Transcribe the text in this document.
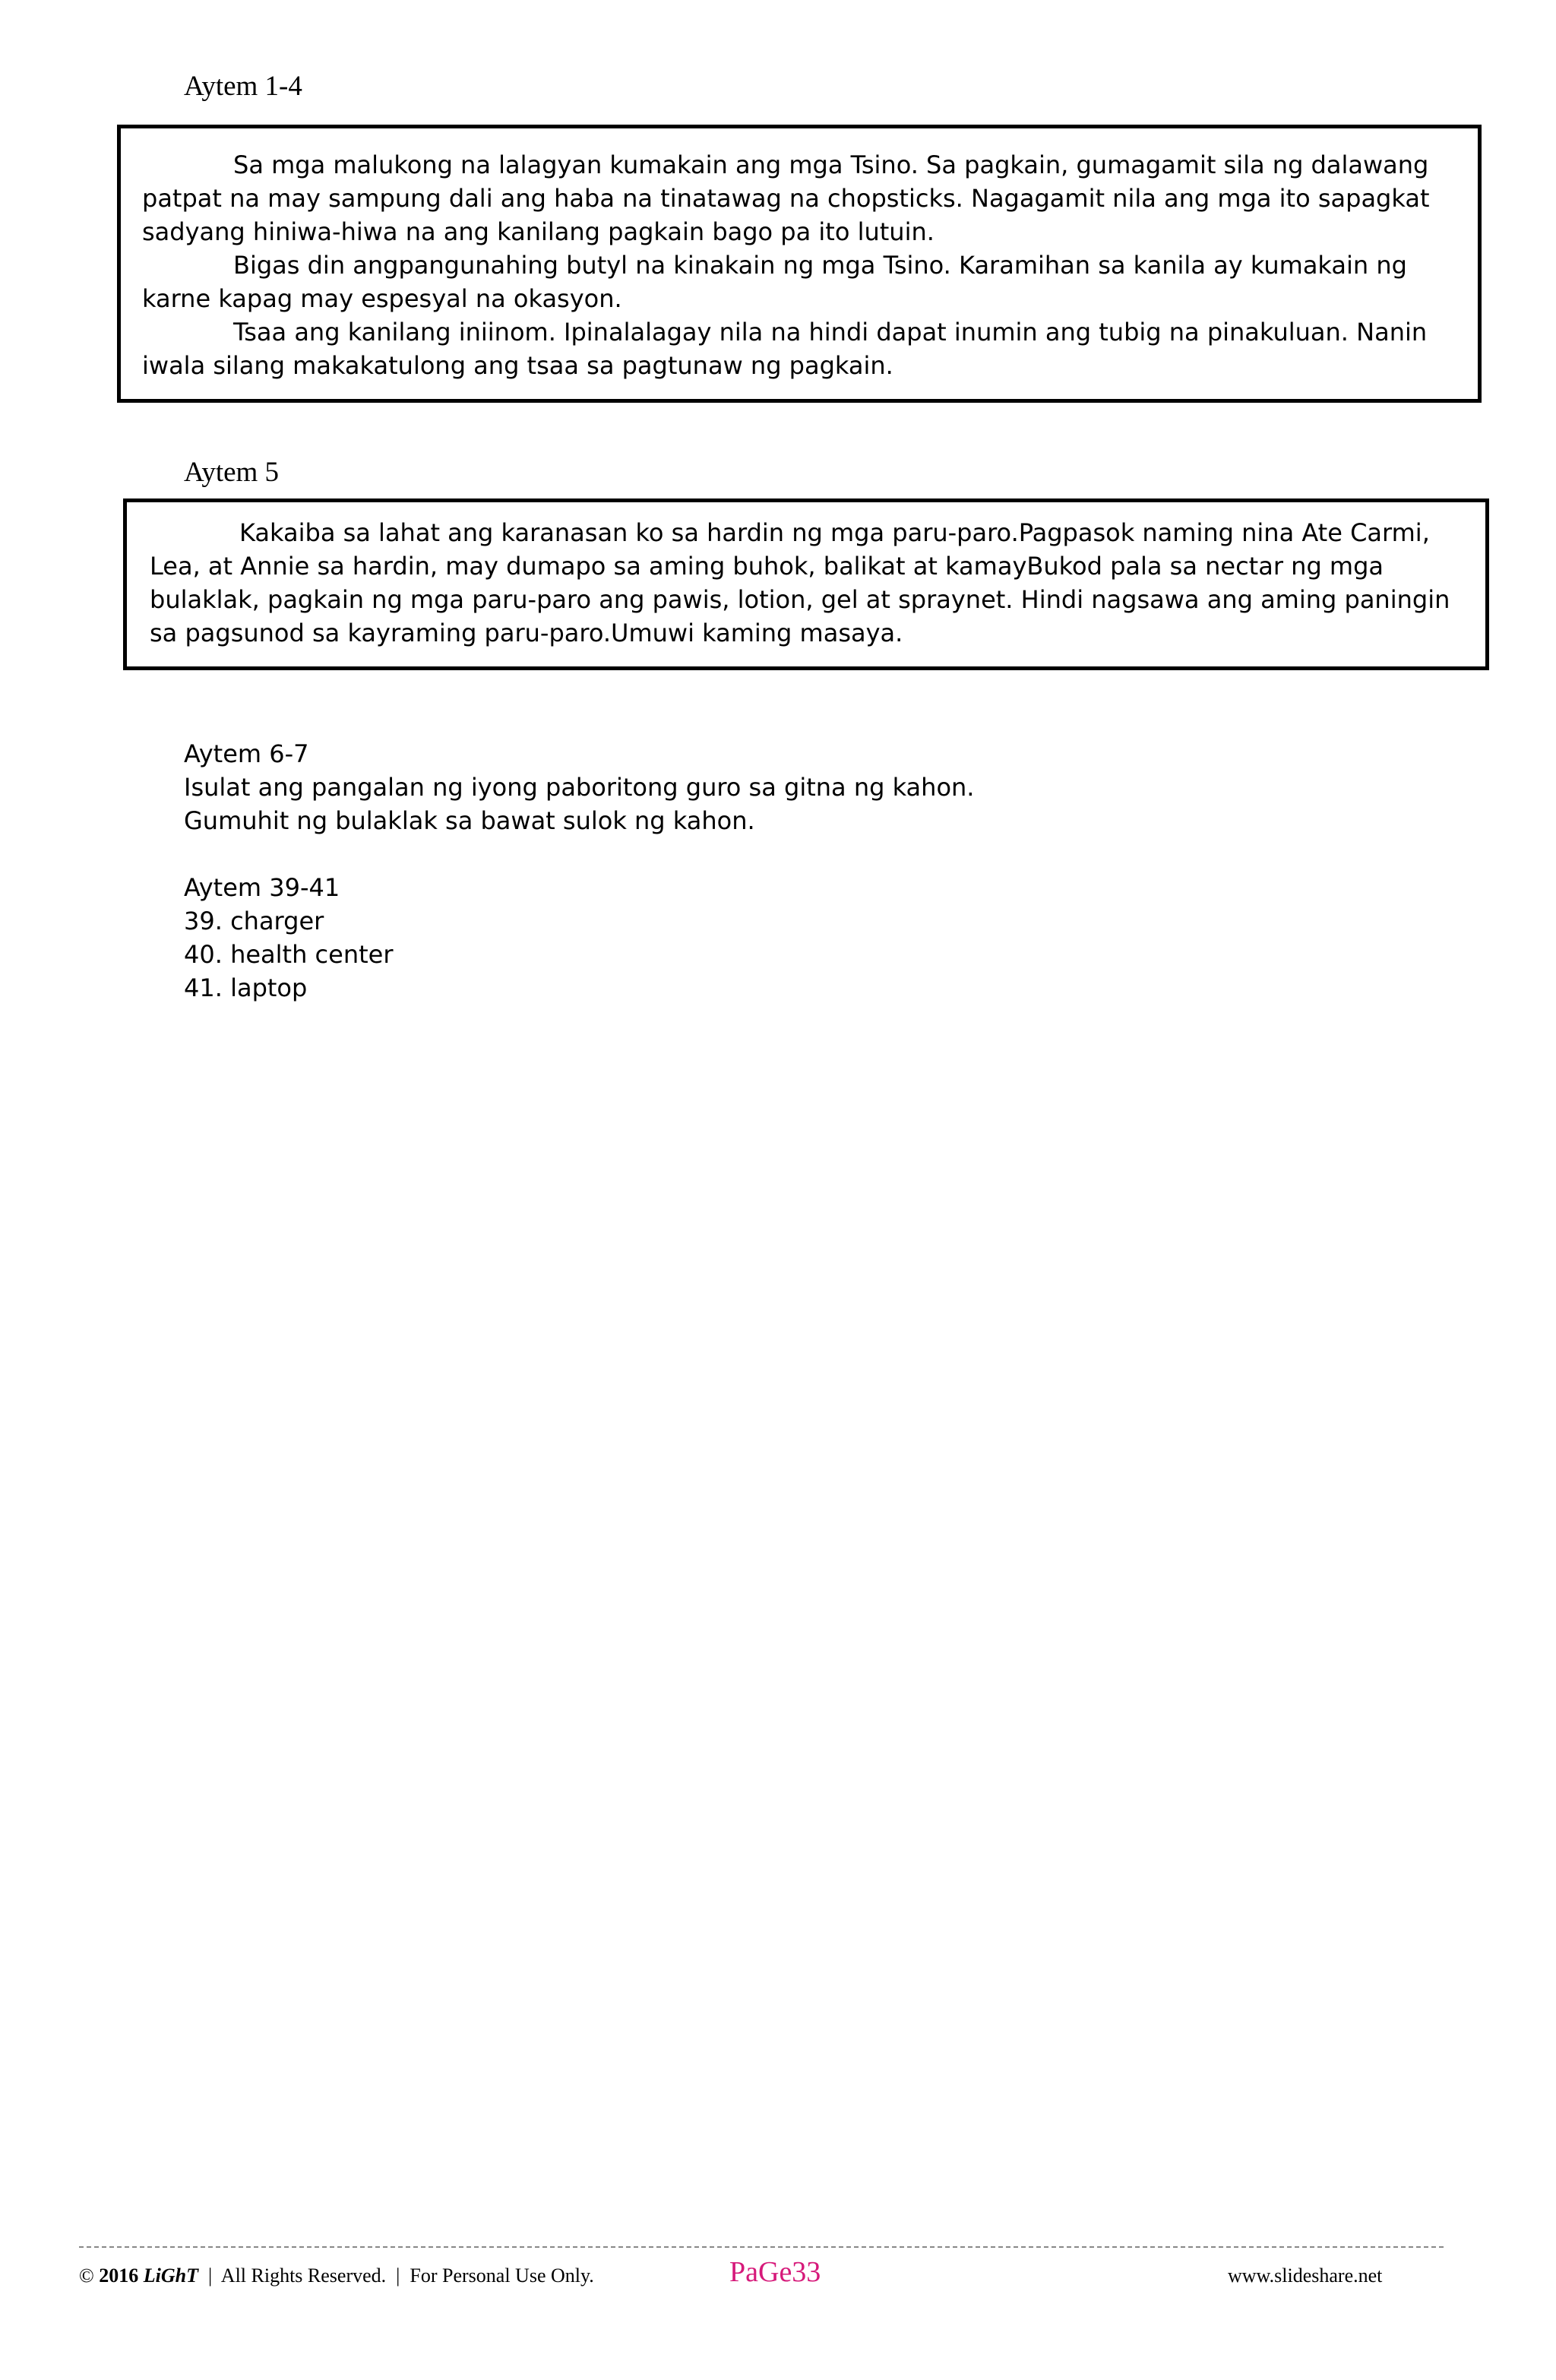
Aytem 1-4

Sa mga malukong na lalagyan kumakain ang mga Tsino. Sa pagkain, gumagamit sila ng dalawang

patpat na may sampung dali ang haba na tinatawag na chopsticks. Nagagamit nila ang mga ito sapagkat

sadyang hiniwa-hiwa na ang kanilang pagkain bago pa ito lutuin.

Bigas din angpangunahing butyl na kinakain ng mga Tsino. Karamihan sa kanila ay kumakain ng

karne kapag may espesyal na okasyon.

Tsaa ang kanilang iniinom. Ipinalalagay nila na hindi dapat inumin ang tubig na pinakuluan. Nanin

iwala silang makakatulong ang tsaa sa pagtunaw ng pagkain.

Aytem 5

Kakaiba sa lahat ang karanasan ko sa hardin ng mga paru-paro.Pagpasok naming nina Ate Carmi,

Lea, at Annie sa hardin, may dumapo sa aming buhok, balikat at kamayBukod pala sa nectar ng mga

bulaklak, pagkain ng mga paru-paro ang pawis, lotion, gel at spraynet. Hindi nagsawa ang aming paningin

sa pagsunod sa kayraming paru-paro.Umuwi kaming masaya.

Aytem 6-7
Isulat ang pangalan ng iyong paboritong guro sa gitna ng kahon.
Gumuhit ng bulaklak sa bawat sulok ng kahon.
Aytem 39-41
39. charger
40. health center
41. laptop
© 2016 LiGhT | All Rights Reserved. | For Personal Use Only.	PaGe33	www.slideshare.net
